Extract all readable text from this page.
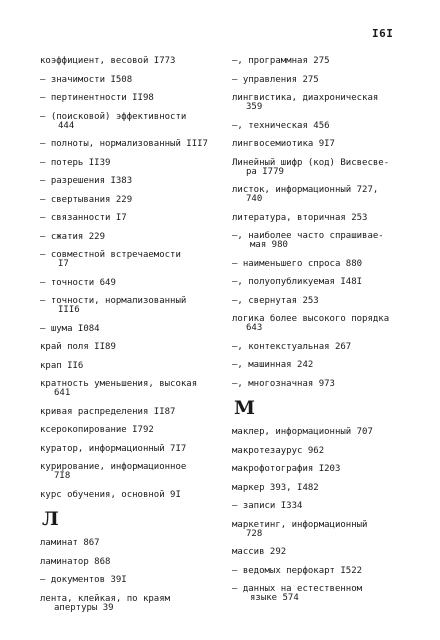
I6I
коэффициент, весовой I773
– значимости I508
– пертинентности II98
– (поисковой) эффективности
444
– полноты, нормализованный III7
– потерь II39
– разрешения I383
– свертывания 229
– связанности I7
– сжатия 229
– совместной встречаемости
I7
– точности 649
– точности, нормализованный
III6
– шума I084
край поля II89
крап II6
кратность уменьшения, высокая
641
кривая распределения II87
ксерокопирование I792
куратор, информационный 7I7
курирование, информационное
7I8
курс обучения, основной 9I
Л
ламинат 867
ламинатор 868
– документов 39I
лента, клейкая, по краям
апертуры 39
–, программная 275
– управления 275
лингвистика, диахроническая
359
–, техническая 456
лингвосемиотика 9I7
Линейный шифр (код) Висвесве-
ра I779
листок, информационный 727,
740
литература, вторичная 253
–, наиболее часто спрашивае-
мая 980
– наименьшего спроса 880
–, полуопубликуемая I48I
–, свернутая 253
логика более высокого порядка
643
–, контекстуальная 267
–, машинная 242
–, многозначная 973
М
маклер, информационный 707
макротезаурус 962
макрофотография I203
маркер 393, I482
– записи I334
маркетинг, информационный
728
массив 292
– ведомых перфокарт I522
– данных на естественном
языке 574
